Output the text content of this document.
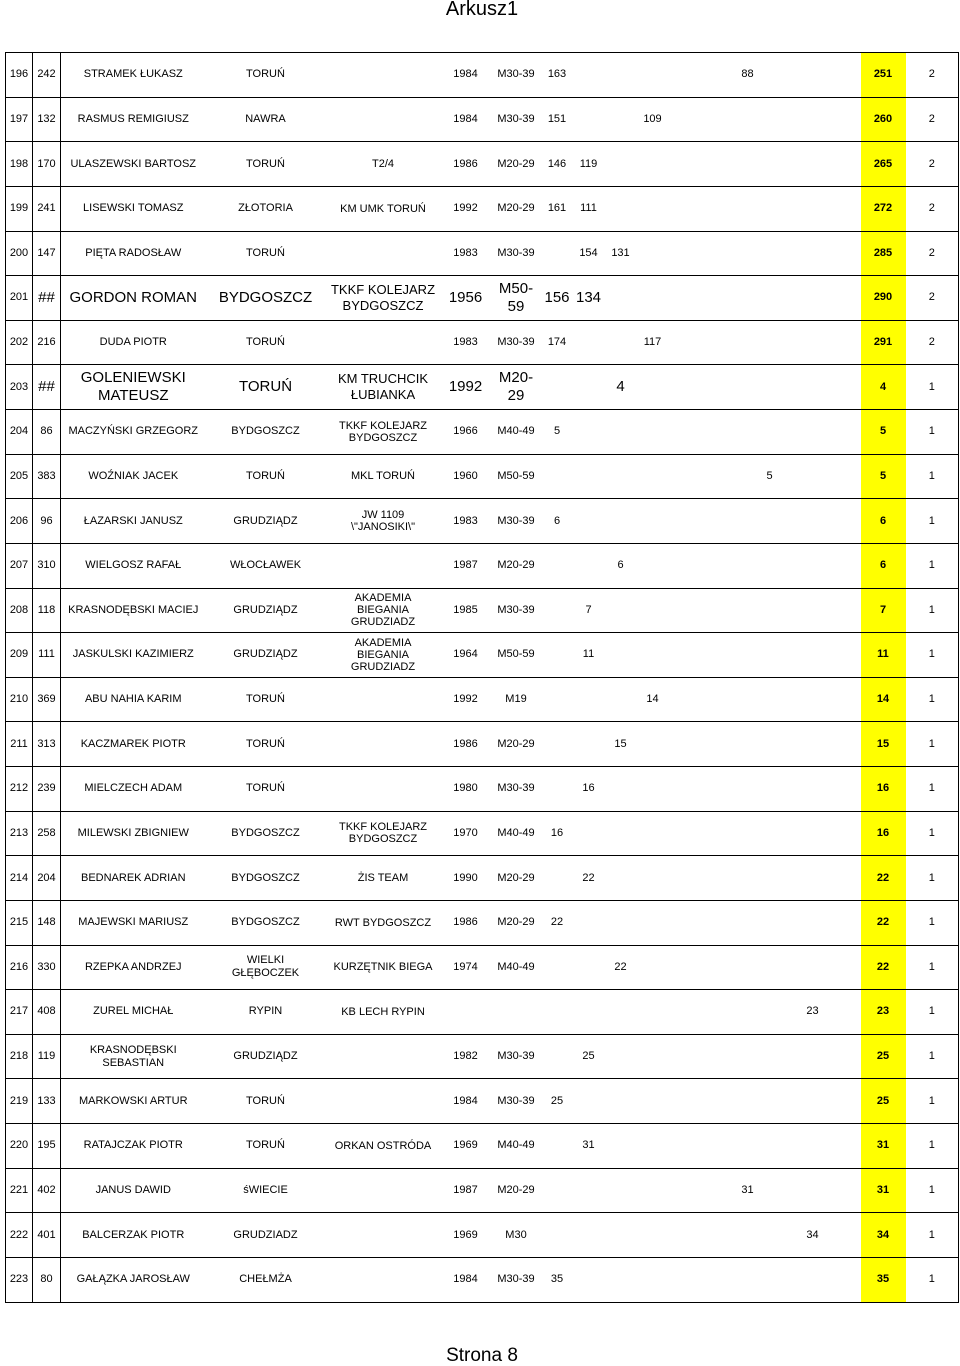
Arkusz1
196	242	STRAMEK ŁUKASZ	TORUŃ		1984	M30-39	163						88					251	2
197	132	RASMUS REMIGIUSZ	NAWRA		1984	M30-39	151			109								260	2
198	170	ULASZEWSKI BARTOSZ	TORUŃ	T2/4	1986	M20-29	146	119										265	2
199	241	LISEWSKI TOMASZ	ZŁOTORIA	KM UMK TORUŃ	1992	M20-29	161	111										272	2
200	147	PIĘTA RADOSŁAW	TORUŃ		1983	M30-39		154	131									285	2
201	##	GORDON ROMAN	BYDGOSZCZ	TKKF KOLEJARZ BYDGOSZCZ	1956	M50-59	156	134										290	2
202	216	DUDA PIOTR	TORUŃ		1983	M30-39	174			117								291	2
203	##	GOLENIEWSKI MATEUSZ	TORUŃ	KM TRUCHCIK ŁUBIANKA	1992	M20-29			4									4	1
204	86	MACZYŃSKI GRZEGORZ	BYDGOSZCZ	TKKF KOLEJARZ BYDGOSZCZ	1966	M40-49	5											5	1
205	383	WOŹNIAK JACEK	TORUŃ	MKL TORUŃ	1960	M50-59								5				5	1
206	96	ŁAZARSKI JANUSZ	GRUDZIĄDZ	JW 1109 \"JANOSIKI\"	1983	M30-39	6											6	1
207	310	WIELGOSZ RAFAŁ	WŁOCŁAWEK		1987	M20-29			6									6	1
208	118	KRASNODĘBSKI MACIEJ	GRUDZIĄDZ	AKADEMIA BIEGANIA GRUDZIADZ	1985	M30-39		7										7	1
209	111	JASKULSKI KAZIMIERZ	GRUDZIĄDZ	AKADEMIA BIEGANIA GRUDZIADZ	1964	M50-59		11										11	1
210	369	ABU NAHIA KARIM	TORUŃ		1992	M19				14								14	1
211	313	KACZMAREK PIOTR	TORUŃ		1986	M20-29			15									15	1
212	239	MIELCZECH ADAM	TORUŃ		1980	M30-39		16										16	1
213	258	MILEWSKI ZBIGNIEW	BYDGOSZCZ	TKKF KOLEJARZ BYDGOSZCZ	1970	M40-49	16											16	1
214	204	BEDNAREK ADRIAN	BYDGOSZCZ	ŻIS TEAM	1990	M20-29		22										22	1
215	148	MAJEWSKI MARIUSZ	BYDGOSZCZ	RWT BYDGOSZCZ	1986	M20-29	22											22	1
216	330	RZEPKA ANDRZEJ	WIELKI GŁĘBOCZEK	KURZĘTNIK BIEGA	1974	M40-49			22									22	1
217	408	ZUREL MICHAŁ	RYPIN	KB LECH RYPIN												23		23	1
218	119	KRASNODĘBSKI SEBASTIAN	GRUDZIĄDZ		1982	M30-39		25										25	1
219	133	MARKOWSKI ARTUR	TORUŃ		1984	M30-39	25											25	1
220	195	RATAJCZAK PIOTR	TORUŃ	ORKAN OSTRÓDA	1969	M40-49		31										31	1
221	402	JANUS DAWID	śWIECIE		1987	M20-29							31					31	1
222	401	BALCERZAK PIOTR	GRUDZIADZ		1969	M30										34		34	1
223	80	GAŁĄZKA JAROSŁAW	CHEŁMŻA		1984	M30-39	35											35	1
Strona 8
